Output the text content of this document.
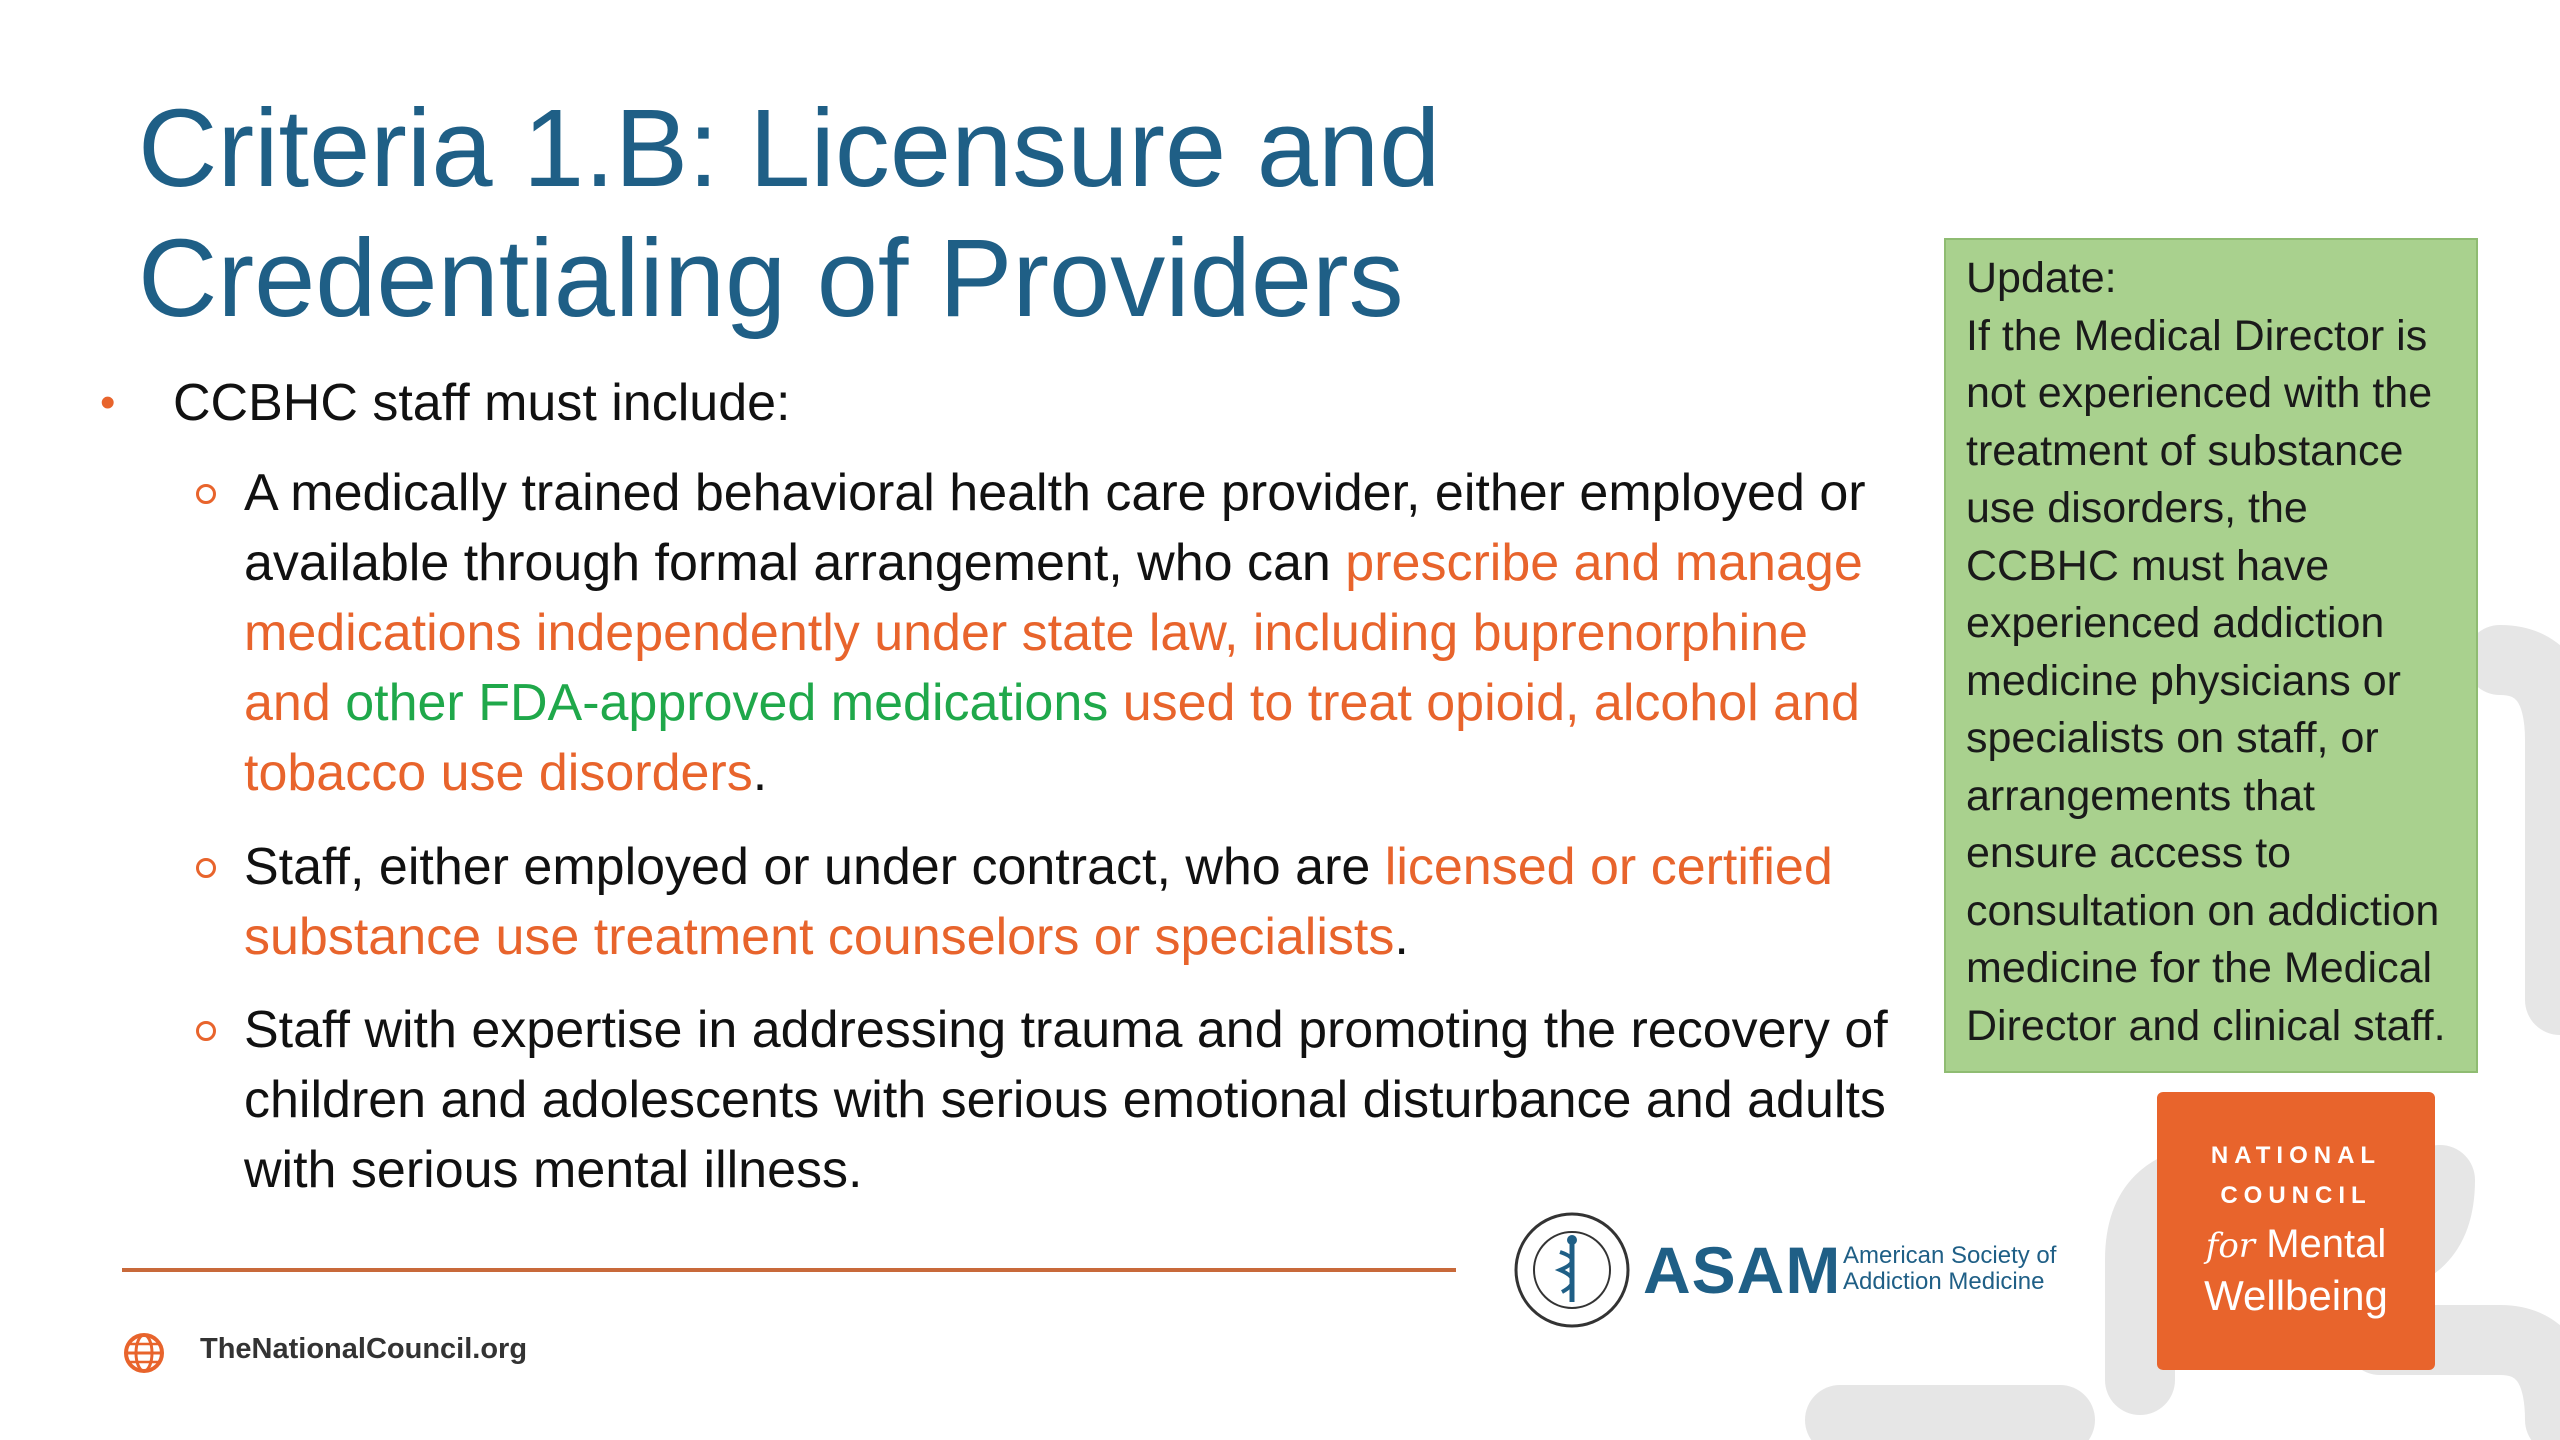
Criteria 1.B: Licensure and Credentialing of Providers
• CCBHC staff must include:
A medically trained behavioral health care provider, either employed or available through formal arrangement, who can prescribe and manage medications independently under state law, including buprenorphine and other FDA-approved medications used to treat opioid, alcohol and tobacco use disorders.
Staff, either employed or under contract, who are licensed or certified substance use treatment counselors or specialists.
Staff with expertise in addressing trauma and promoting the recovery of children and adolescents with serious emotional disturbance and adults with serious mental illness.
Update:
If the Medical Director is not experienced with the treatment of substance use disorders, the CCBHC must have experienced addiction medicine physicians or specialists on staff, or arrangements that ensure access to consultation on addiction medicine for the Medical Director and clinical staff.
TheNationalCouncil.org
ASAM American Society of
Addiction Medicine
NATIONAL
COUNCIL
for Mental
Wellbeing
